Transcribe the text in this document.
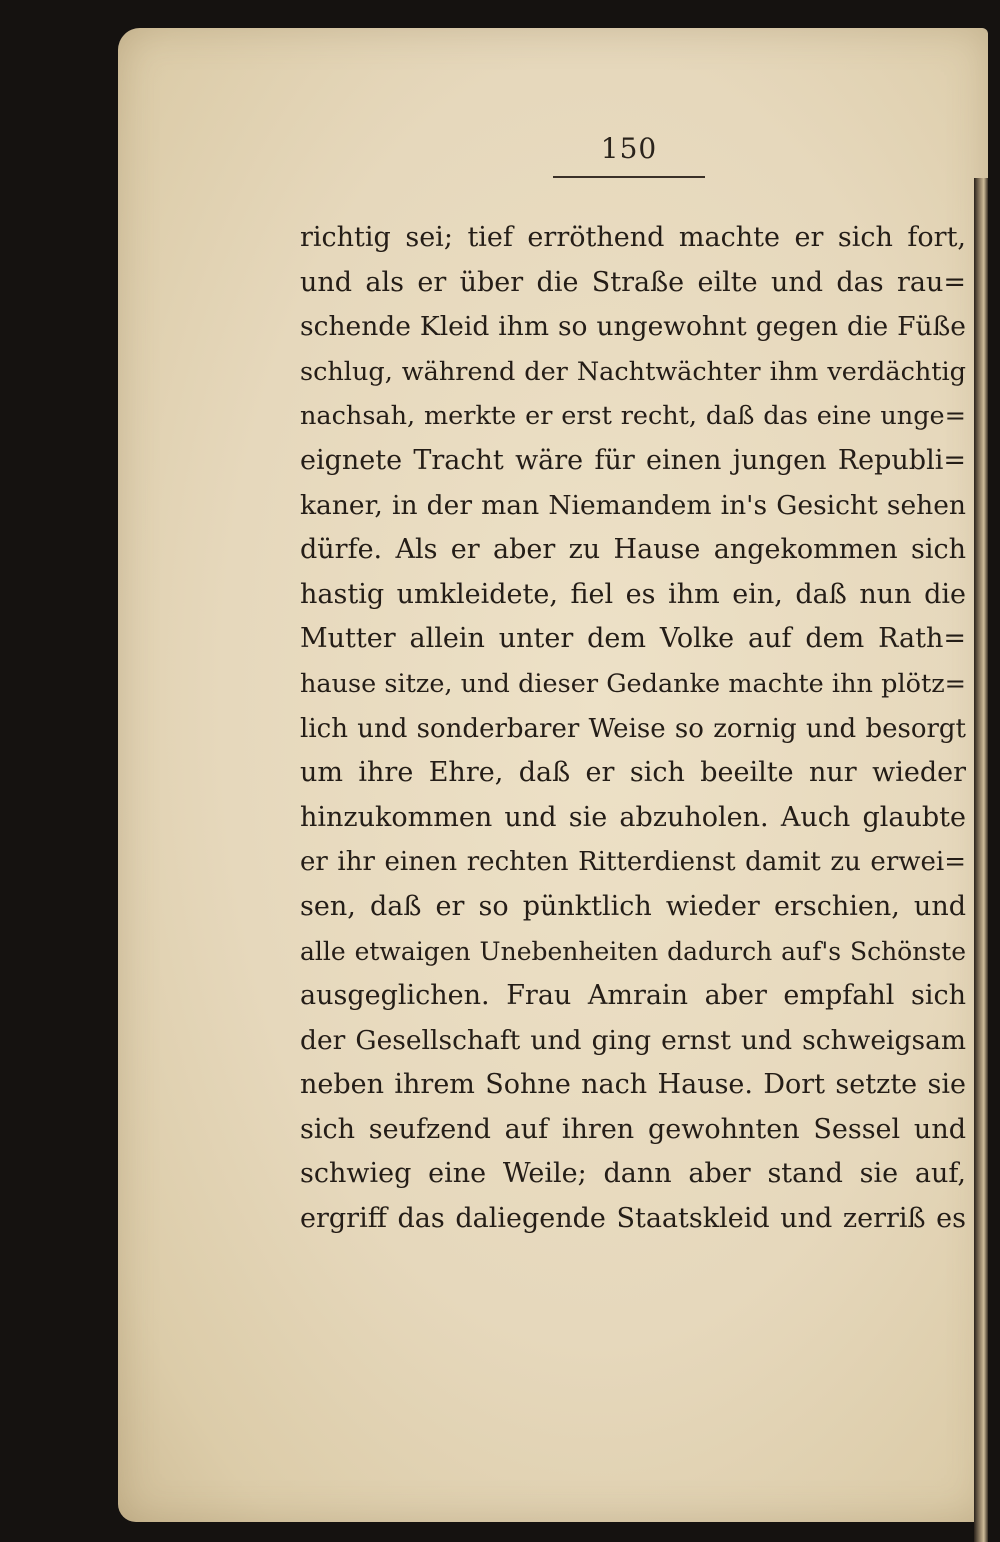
150
richtig sei; tief erröthend machte er sich fort,
und als er über die Straße eilte und das rau=
schende Kleid ihm so ungewohnt gegen die Füße
schlug, während der Nachtwächter ihm verdächtig
nachsah, merkte er erst recht, daß das eine unge=
eignete Tracht wäre für einen jungen Republi=
kaner, in der man Niemandem in's Gesicht sehen
dürfe. Als er aber zu Hause angekommen sich
hastig umkleidete, fiel es ihm ein, daß nun die
Mutter allein unter dem Volke auf dem Rath=
hause sitze, und dieser Gedanke machte ihn plötz=
lich und sonderbarer Weise so zornig und besorgt
um ihre Ehre, daß er sich beeilte nur wieder
hinzukommen und sie abzuholen. Auch glaubte
er ihr einen rechten Ritterdienst damit zu erwei=
sen, daß er so pünktlich wieder erschien, und
alle etwaigen Unebenheiten dadurch auf's Schönste
ausgeglichen. Frau Amrain aber empfahl sich
der Gesellschaft und ging ernst und schweigsam
neben ihrem Sohne nach Hause. Dort setzte sie
sich seufzend auf ihren gewohnten Sessel und
schwieg eine Weile; dann aber stand sie auf,
ergriff das daliegende Staatskleid und zerriß es
